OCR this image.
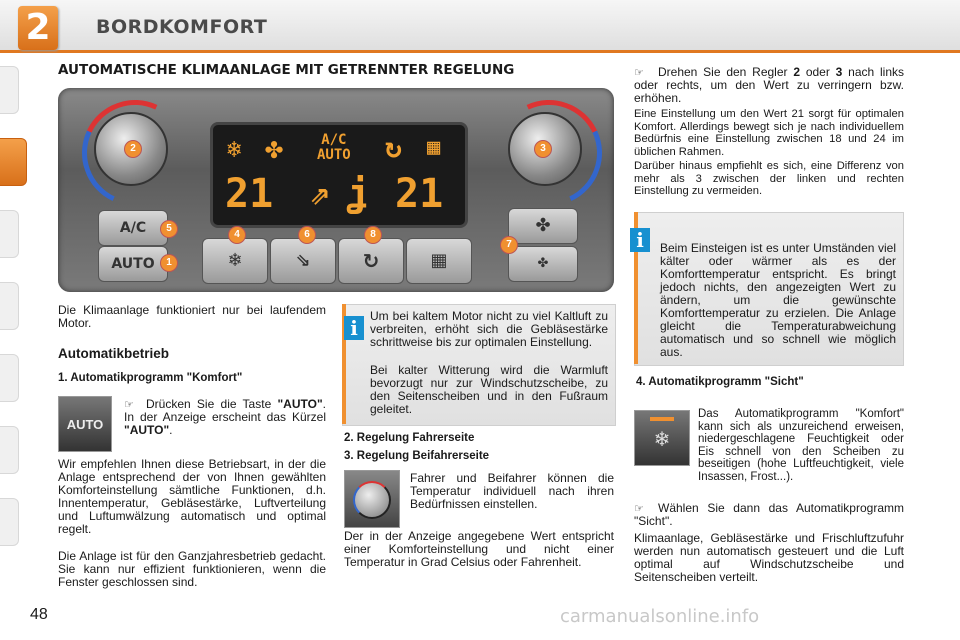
2	BORDKOMFORT
AUTOMATISCHE KLIMAANLAGE MIT GETRENNTER REGELUNG
❄ ✤	A/C
AUTO ↻ ▦
21 ⇗ ʝ 21
A/C
AUTO	❄	⇘	↻	▦
✤
✤
2	3
5
1
4	6	8
7

Die Klimaanlage funktioniert nur bei laufendem Motor.

Automatikbetrieb
1. Automatikprogramm "Komfort"
AUTO
☞ Drücken Sie die Taste "AUTO". In der Anzeige erscheint das Kürzel "AUTO".

Wir empfehlen Ihnen diese Betriebsart, in der die Anlage entsprechend der von Ihnen gewählten Komforteinstellung sämtliche Funktionen, d.h. Innentemperatur, Gebläsestärke, Luftverteilung und Luftumwälzung automatisch und optimal regelt.

Die Anlage ist für den Ganzjahresbetrieb gedacht. Sie kann nur effizient funktionieren, wenn die Fenster geschlossen sind.

i	Um bei kaltem Motor nicht zu viel Kaltluft zu verbreiten, erhöht sich die Gebläsestärke schrittweise bis zur optimalen Einstellung.

Bei kalter Witterung wird die Warmluft bevorzugt nur zur Windschutzscheibe, zu den Seitenscheiben und in den Fußraum geleitet.

2. Regelung Fahrerseite
3. Regelung Beifahrerseite

Fahrer und Beifahrer können die Temperatur individuell nach ihren Bedürfnissen einstellen.

Der in der Anzeige angegebene Wert entspricht einer Komforteinstellung und nicht einer Temperatur in Grad Celsius oder Fahrenheit.

☞ Drehen Sie den Regler 2 oder 3 nach links oder rechts, um den Wert zu verringern bzw. erhöhen.

Eine Einstellung um den Wert 21 sorgt für optimalen Komfort. Allerdings bewegt sich je nach individuellem Bedürfnis eine Einstellung zwischen 18 und 24 im üblichen Rahmen.

Darüber hinaus empfiehlt es sich, eine Differenz von mehr als 3 zwischen der linken und rechten Einstellung zu vermeiden.

i	Beim Einsteigen ist es unter Umständen viel kälter oder wärmer als es der Komforttemperatur entspricht. Es bringt jedoch nichts, den angezeigten Wert zu ändern, um die gewünschte Komforttemperatur zu erzielen. Die Anlage gleicht die Temperaturabweichung automatisch und so schnell wie möglich aus.

4. Automatikprogramm "Sicht"
❄

Das Automatikprogramm "Komfort" kann sich als unzureichend erweisen, niedergeschlagene Feuchtigkeit oder Eis schnell von den Scheiben zu beseitigen (hohe Luftfeuchtigkeit, viele Insassen, Frost...).

☞ Wählen Sie dann das Automatikprogramm "Sicht".

Klimaanlage, Gebläsestärke und Frischluftzufuhr werden nun automatisch gesteuert und die Luft optimal auf Windschutzscheibe und Seitenscheiben verteilt.

48	carmanualsonline.info
